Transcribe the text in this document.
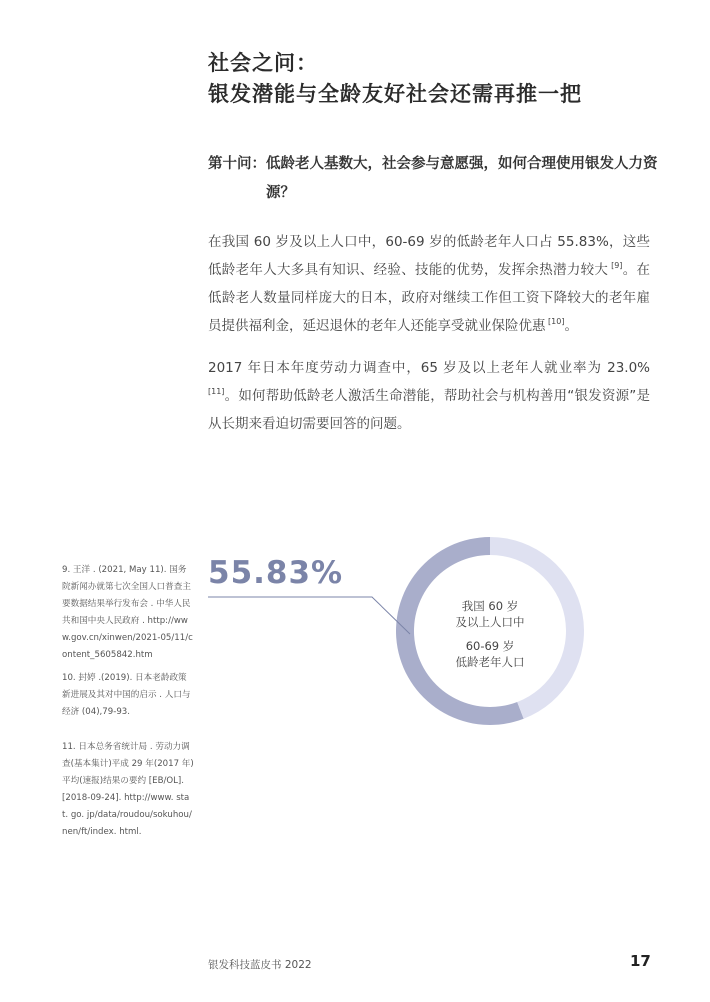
社会之问：
银发潜能与全龄友好社会还需再推一把
第十问： 低龄老人基数大，社会参与意愿强，如何合理使用银发人力资源？
在我国 60 岁及以上人口中，60-69 岁的低龄老年人口占 55.83%，这些低龄老年人大多具有知识、经验、技能的优势，发挥余热潜力较大 [9]。在低龄老人数量同样庞大的日本，政府对继续工作但工资下降较大的老年雇员提供福利金，延迟退休的老年人还能享受就业保险优惠 [10]。
2017 年日本年度劳动力调查中，65 岁及以上老年人就业率为 23.0%[11]。如何帮助低龄老人激活生命潜能，帮助社会与机构善用“银发资源”是从长期来看迫切需要回答的问题。
9. 王洋 . (2021, May 11). 国务院新闻办就第七次全国人口普查主要数据结果举行发布会 . 中华人民共和国中央人民政府 . http://www.gov.cn/xinwen/2021-05/11/content_5605842.htm
10. 封婷 .(2019). 日本老龄政策新进展及其对中国的启示 . 人口与经济 (04),79-93.
11. 日本总务省统计局 . 劳动力调查(基本集计)平成 29 年(2017 年)平均(速报)结果の要约 [EB/OL]. [2018-09-24]. http://www. stat. go. jp/data/roudou/sokuhou/nen/ft/index. html.
55.83%
我国 60 岁
及以上人口中
60-69 岁
低龄老年人口
银发科技蓝皮书 2022	17
